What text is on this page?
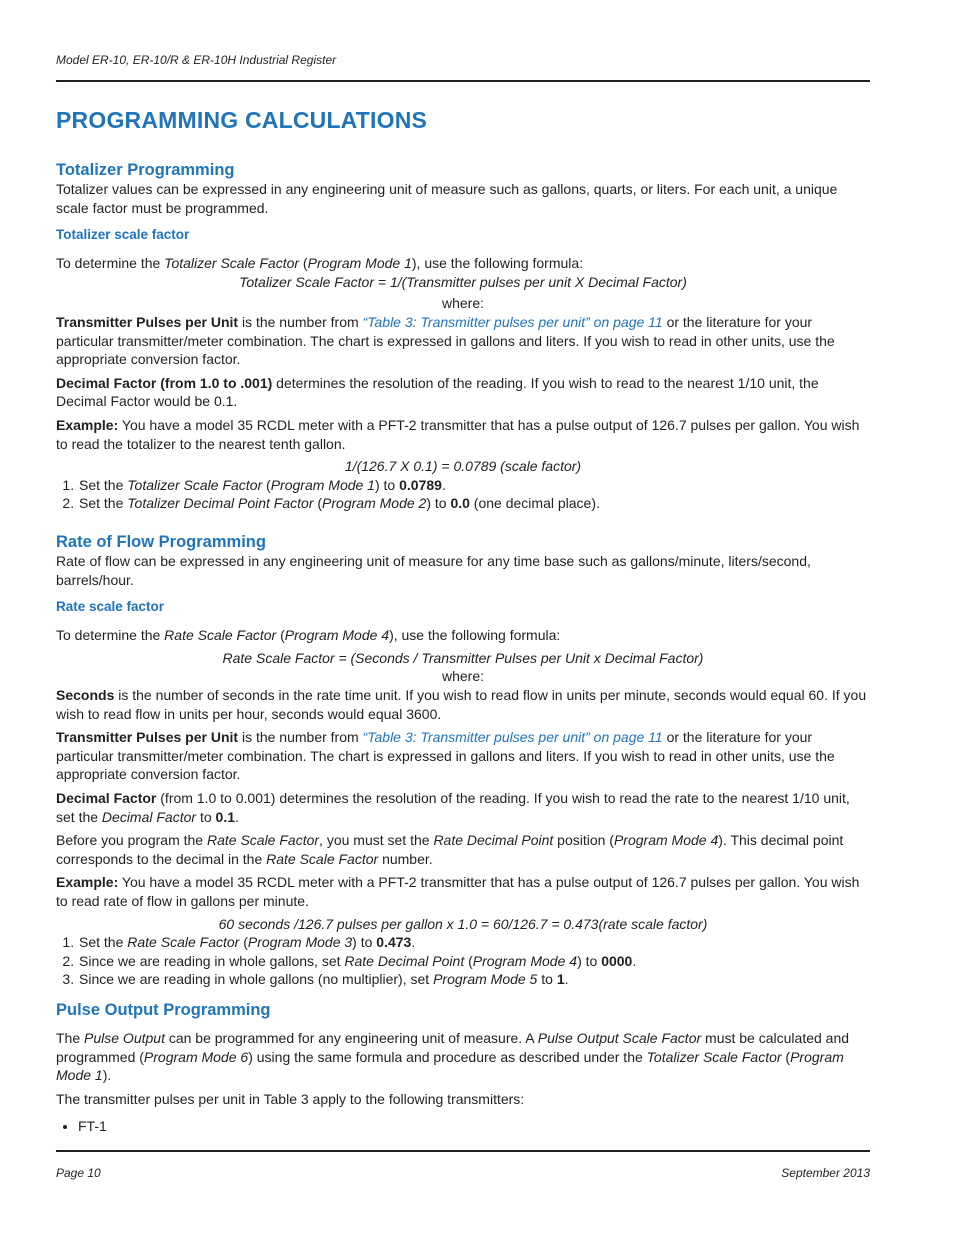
Model ER-10, ER-10/R & ER-10H Industrial Register
PROGRAMMING CALCULATIONS
Totalizer Programming

Totalizer values can be expressed in any engineering unit of measure such as gallons, quarts, or liters. For each unit, a unique scale factor must be programmed.

Totalizer scale factor

To determine the Totalizer Scale Factor (Program Mode 1), use the following formula:

Totalizer Scale Factor = 1/(Transmitter pulses per unit X Decimal Factor)

where:

Transmitter Pulses per Unit is the number from “Table 3: Transmitter pulses per unit” on page 11 or the literature for your particular transmitter/meter combination. The chart is expressed in gallons and liters. If you wish to read in other units, use the appropriate conversion factor.

Decimal Factor (from 1.0 to .001) determines the resolution of the reading. If you wish to read to the nearest 1/10 unit, the Decimal Factor would be 0.1.

Example: You have a model 35 RCDL meter with a PFT-2 transmitter that has a pulse output of 126.7 pulses per gallon. You wish to read the totalizer to the nearest tenth gallon.

1/(126.7 X 0.1) = 0.0789 (scale factor)

1. Set the Totalizer Scale Factor (Program Mode 1) to 0.0789.
2. Set the Totalizer Decimal Point Factor (Program Mode 2) to 0.0 (one decimal place).
Rate of Flow Programming

Rate of flow can be expressed in any engineering unit of measure for any time base such as gallons/minute, liters/second, barrels/hour.

Rate scale factor

To determine the Rate Scale Factor (Program Mode 4), use the following formula:

Rate Scale Factor = (Seconds / Transmitter Pulses per Unit x Decimal Factor)

where:

Seconds is the number of seconds in the rate time unit. If you wish to read flow in units per minute, seconds would equal 60. If you wish to read flow in units per hour, seconds would equal 3600.

Transmitter Pulses per Unit is the number from “Table 3: Transmitter pulses per unit” on page 11 or the literature for your particular transmitter/meter combination. The chart is expressed in gallons and liters. If you wish to read in other units, use the appropriate conversion factor.

Decimal Factor (from 1.0 to 0.001) determines the resolution of the reading. If you wish to read the rate to the nearest 1/10 unit, set the Decimal Factor to 0.1.

Before you program the Rate Scale Factor, you must set the Rate Decimal Point position (Program Mode 4). This decimal point corresponds to the decimal in the Rate Scale Factor number.

Example: You have a model 35 RCDL meter with a PFT-2 transmitter that has a pulse output of 126.7 pulses per gallon. You wish to read rate of flow in gallons per minute.

60 seconds /126.7 pulses per gallon x 1.0 = 60/126.7 = 0.473(rate scale factor)

1. Set the Rate Scale Factor (Program Mode 3) to 0.473.
2. Since we are reading in whole gallons, set Rate Decimal Point (Program Mode 4) to 0000.
3. Since we are reading in whole gallons (no multiplier), set Program Mode 5 to 1.
Pulse Output Programming

The Pulse Output can be programmed for any engineering unit of measure. A Pulse Output Scale Factor must be calculated and programmed (Program Mode 6) using the same formula and procedure as described under the Totalizer Scale Factor (Program Mode 1).

The transmitter pulses per unit in Table 3 apply to the following transmitters:

• FT-1
Page 10	September 2013
